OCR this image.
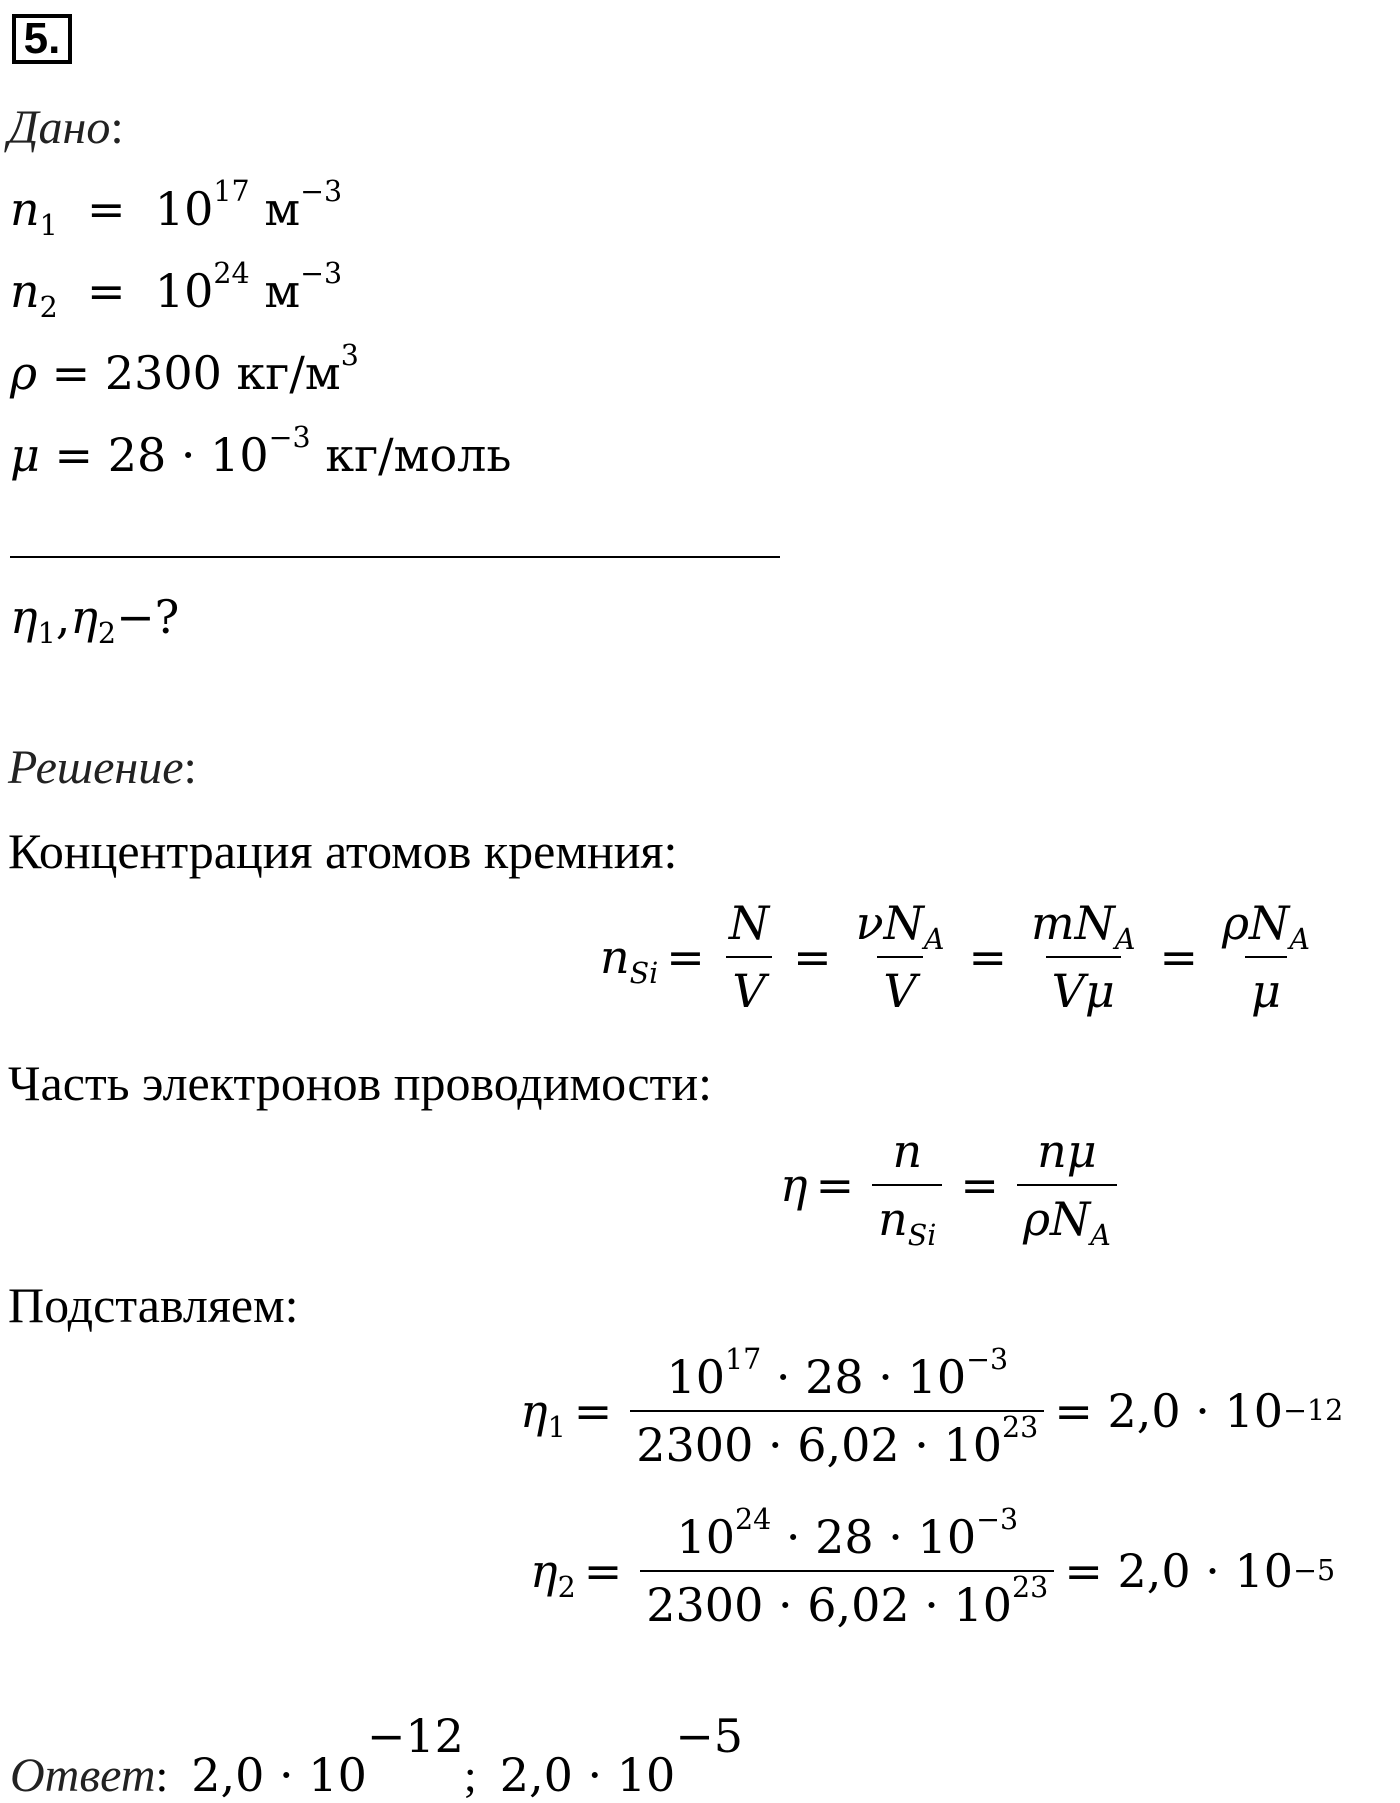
5.
Дано:
$n_1 = 10^{17}$ $м^{-3}$
$n_2 = 10^{24}$ $м^{-3}$
ρ = 2300 $кг/м^3$
$\mu = 28 \cdot 10^{-3}$ кг/моль
$\eta_1,\eta_2-$?
Решение:
Концентрация атомов кремния:
$n_{Si} = \frac{N}{V} = \frac{\nu N_A}{V} = \frac{mN_A}{V\mu} = \frac{\rho N_A}{\mu}$
Часть электронов проводимости:
$\eta = \frac{n}{n_{Si}} = \frac{n\mu}{\rho N_A}$
Подставляем:
$\eta_1 = \frac{10^{17} \cdot 28 \cdot 10^{-3}}{2300 \cdot 6,02 \cdot 10^{23}} = 2,0 \cdot 10 -12$
$\eta_2 = \frac{10^{24} \cdot 28 \cdot 10^{-3}}{2300 \cdot 6,02 \cdot 10^{23}} = 2,0 \cdot 10 -5$
Ответ: $2,0 \cdot 10^{-12}$; $2,0 \cdot 10^{-5}$
